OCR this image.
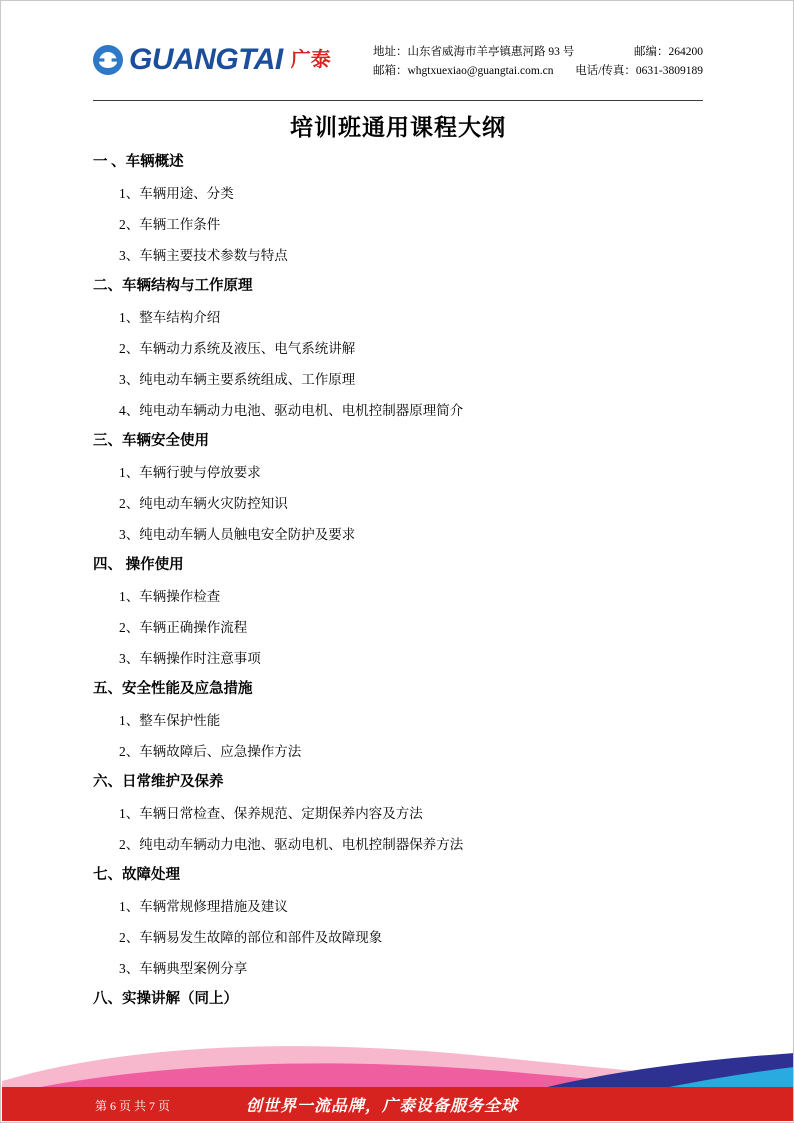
GUANGTAI 广泰	地址：山东省威海市羊亭镇惠河路 93 号	邮编：264200
邮箱：whgtxuexiao@guangtai.com.cn 电话/传真：0631-3809189
培训班通用课程大纲
一 、车辆概述
1、车辆用途、分类
2、车辆工作条件
3、车辆主要技术参数与特点
二、车辆结构与工作原理
1、整车结构介绍
2、车辆动力系统及液压、电气系统讲解
3、纯电动车辆主要系统组成、工作原理
4、纯电动车辆动力电池、驱动电机、电机控制器原理简介
三、车辆安全使用
1、车辆行驶与停放要求
2、纯电动车辆火灾防控知识
3、纯电动车辆人员触电安全防护及要求
四、 操作使用
1、车辆操作检查
2、车辆正确操作流程
3、车辆操作时注意事项
五、安全性能及应急措施
1、整车保护性能
2、车辆故障后、应急操作方法
六、日常维护及保养
1、车辆日常检查、保养规范、定期保养内容及方法
2、纯电动车辆动力电池、驱动电机、电机控制器保养方法
七、故障处理
1、车辆常规修理措施及建议
2、车辆易发生故障的部位和部件及故障现象
3、车辆典型案例分享
八、实操讲解（同上）
第 6 页 共 7 页	创世界一流品牌，广泰设备服务全球
